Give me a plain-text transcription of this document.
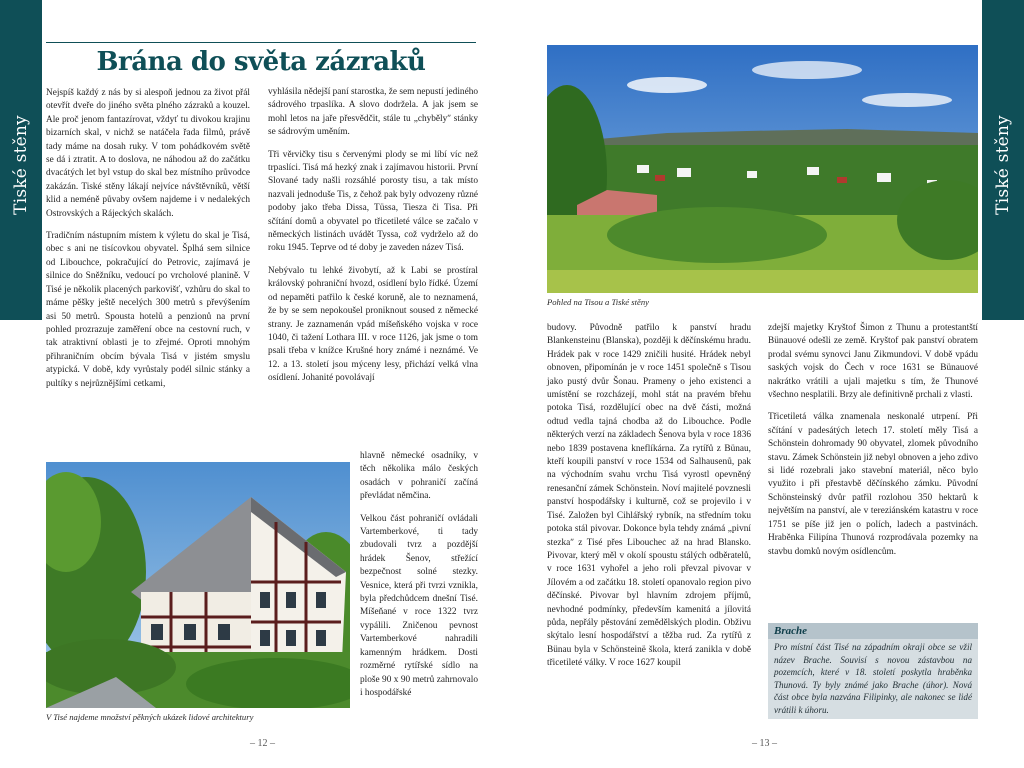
Tiské stěny
Brána do světa zázraků

Nejspíš každý z nás by si alespoň jednou za život přál otevřít dveře do jiného světa plného zázraků a kouzel. Ale proč jenom fantazírovat, vždyť tu divokou krajinu bizarních skal, v nichž se natáčela řada filmů, právě tady máme na dosah ruky. V tom pohádkovém světě se dá i ztratit. A to doslova, ne náhodou až do začátku dvacátých let byl vstup do skal bez místního průvodce zakázán. Tiské stěny lákají nejvíce návštěvníků, větší klid a neméně půvaby ovšem najdeme i v nedalekých Ostrovských a Rájeckých skalách.

Tradičním nástupním místem k výletu do skal je Tisá, obec s ani ne tisícovkou obyvatel. Šplhá sem silnice od Libouchce, pokračující do Petrovic, zajímavá je silnice do Sněžníku, vedoucí po vrcholové planině. V Tisé je několik placených parkovišť, vzhůru do skal to máme pěšky ještě necelých 300 metrů s převýšením asi 50 metrů. Spousta hotelů a penzionů na první pohled prozrazuje zaměření obce na cestovní ruch, v tak atraktivní oblasti je to zřejmé. Oproti mnohým přihraničním obcím bývala Tisá v jistém smyslu atypická. V době, kdy vyrůstaly podél silnic stánky a pultíky s nejrůznějšími cetkami,

vyhlásila nědejší paní starostka, že sem nepustí jediného sádrového trpaslíka. A slovo dodržela. A jak jsem se mohl letos na jaře přesvědčit, stále tu „chybělyʺ stánky se sádrovým uměním.

Tři věrvičky tisu s červenými plody se mi líbí víc než trpaslíci. Tisá má hezký znak i zajímavou historii. První Slované tady našli rozsáhlé porosty tisu, a tak místo nazvali jednoduše Tis, z čehož pak byly odvozeny různé podoby jako třeba Dissa, Tüssa, Tiesza či Tisa. Při sčítání domů a obyvatel po třicetileté válce se začalo v německých listinách uvádět Tyssa, což vydrželo až do roku 1945. Teprve od té doby je zaveden název Tisá.

Nebývalo tu lehké živobytí, až k Labi se prostíral královský pohraniční hvozd, osídlení bylo řídké. Území od nepaměti patřilo k české koruně, ale to neznamená, že by se sem nepokoušel proniknout soused z německé strany. Je zaznamenán vpád míšeňského vojska v roce 1040, či tažení Lothara III. v roce 1126, jak jsme o tom psali třeba v knížce Krušné hory známé i neznámé. Ve 12. a 13. století jsou mýceny lesy, přichází velká vlna osídlení. Johanité povolávají

hlavně německé osadníky, v těch několika málo českých osadách v pohraničí začíná převládat němčina.

Velkou část pohraničí ovládali Vartemberkové, ti tady zbudovali tvrz a pozdější hrádek Šenov, střežící bezpečnost solné stezky. Vesnice, která při tvrzi vznikla, byla předchůdcem dnešní Tisé. Míšeňané v roce 1322 tvrz vypálili. Zničenou pevnost Vartemberkové nahradili kamenným hrádkem. Dosti rozměrné rytířské sídlo na ploše 90 x 90 metrů zahrnovalo i hospodářské

V Tisé najdeme množství pěkných ukázek lidové architektury
– 12 –
Tiské stěny
Pohled na Tisou a Tiské stěny

budovy. Původně patřilo k panství hradu Blankensteinu (Blanska), později k děčínskému hradu. Hrádek pak v roce 1429 zničili husité. Hrádek nebyl obnoven, připomínán je v roce 1451 společně s Tisou jako pustý dvůr Šonau. Prameny o jeho existenci a umístění se rozcházejí, mohl stát na pravém břehu potoka Tisá, rozdělující obec na dvě části, možná odtud vedla tajná chodba až do Libouchce. Podle některých verzí na základech Šenova byla v roce 1836 nebo 1839 postavena kneflíkárna. Za rytířů z Bünau, kteří koupili panství v roce 1534 od Salhausenů, pak na východním svahu vrchu Tisá vyrostl opevněný renesanční zámek Schönstein. Noví majitelé povznesli panství hospodářsky i kulturně, což se projevilo i v Tisé. Založen byl Cihlářský rybník, na středním toku potoka stál pivovar. Dokonce byla tehdy známá „pivní stezkaʺ z Tisé přes Libouchec až na hrad Blansko. Pivovar, který měl v okolí spoustu stálých odběratelů, v roce 1631 vyhořel a jeho roli převzal pivovar v Jílovém a od začátku 18. století opanovalo region pivo děčínské. Pivovar byl hlavním zdrojem příjmů, nevhodné podmínky, především kamenitá a jílovitá půda, nepřály pěstování zemědělských plodin. Obživu skýtalo lesní hospodářství a těžba rud. Za rytířů z Bünau byla v Schönsteinë škola, která zanikla v době třicetileté války. V roce 1627 koupil

zdejší majetky Kryštof Šimon z Thunu a protestantští Bünauové odešli ze země. Kryštof pak panství obratem prodal svému synovci Janu Zikmundovi. V době vpádu saských vojsk do Čech v roce 1631 se Bünauové nakrátko vrátili a ujali majetku s tím, že Thunové všechno nesplatili. Brzy ale definitivně prchali z vlasti.

Třicetiletá válka znamenala neskonalé utrpení. Při sčítání v padesátých letech 17. století měly Tisá a Schönstein dohromady 90 obyvatel, zlomek původního stavu. Zámek Schönstein již nebyl obnoven a jeho zdivo si lidé rozebrali jako stavební materiál, něco bylo využito i při přestavbě děčínského zámku. Původní Schönsteinský dvůr patřil rozlohou 350 hektarů k největším na panství, ale v tereziánském katastru v roce 1751 se píše již jen o polích, ladech a pastvinách. Hraběnka Filipína Thunová rozprodávala pozemky na stavbu domků novým osídlencům.

Brache
Pro místní část Tisé na západním okraji obce se vžil název Brache. Souvisí s novou zástavbou na pozemcích, které v 18. století poskytla hraběnka Thunová. Ty byly známé jako Brache (úhor). Nová část obce byla nazvána Filipinky, ale nakonec se lidé vrátili k úhoru.
– 13 –
